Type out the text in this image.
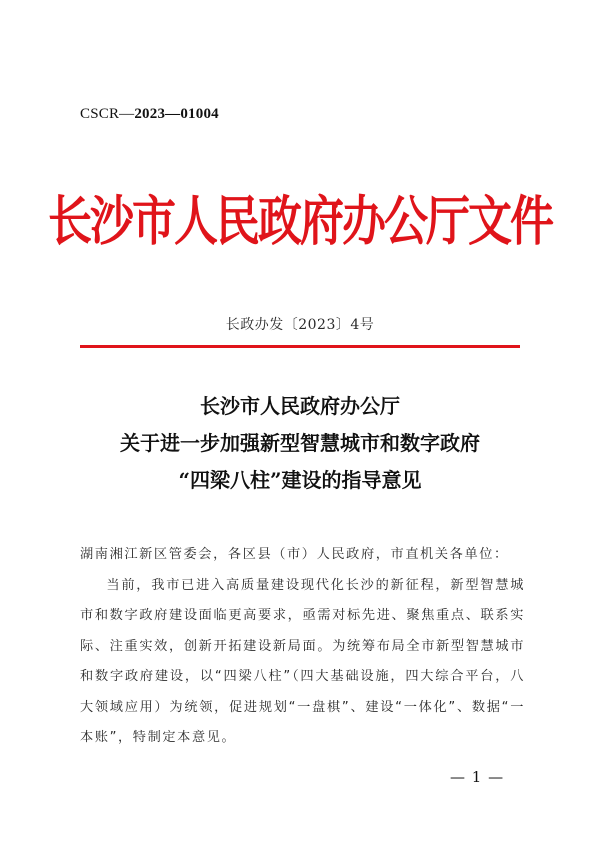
CSCR—2023—01004
长沙市人民政府办公厅文件
长政办发〔2023〕4号
长沙市人民政府办公厅
关于进一步加强新型智慧城市和数字政府
“四梁八柱”建设的指导意见
湖南湘江新区管委会，各区县（市）人民政府，市直机关各单位：

当前，我市已进入高质量建设现代化长沙的新征程，新型智慧城市和数字政府建设面临更高要求，亟需对标先进、聚焦重点、联系实际、注重实效，创新开拓建设新局面。为统筹布局全市新型智慧城市和数字政府建设，以“四梁八柱”（四大基础设施，四大综合平台，八大领域应用）为统领，促进规划“一盘棋”、建设“一体化”、数据“一本账”，特制定本意见。

— 1 —
